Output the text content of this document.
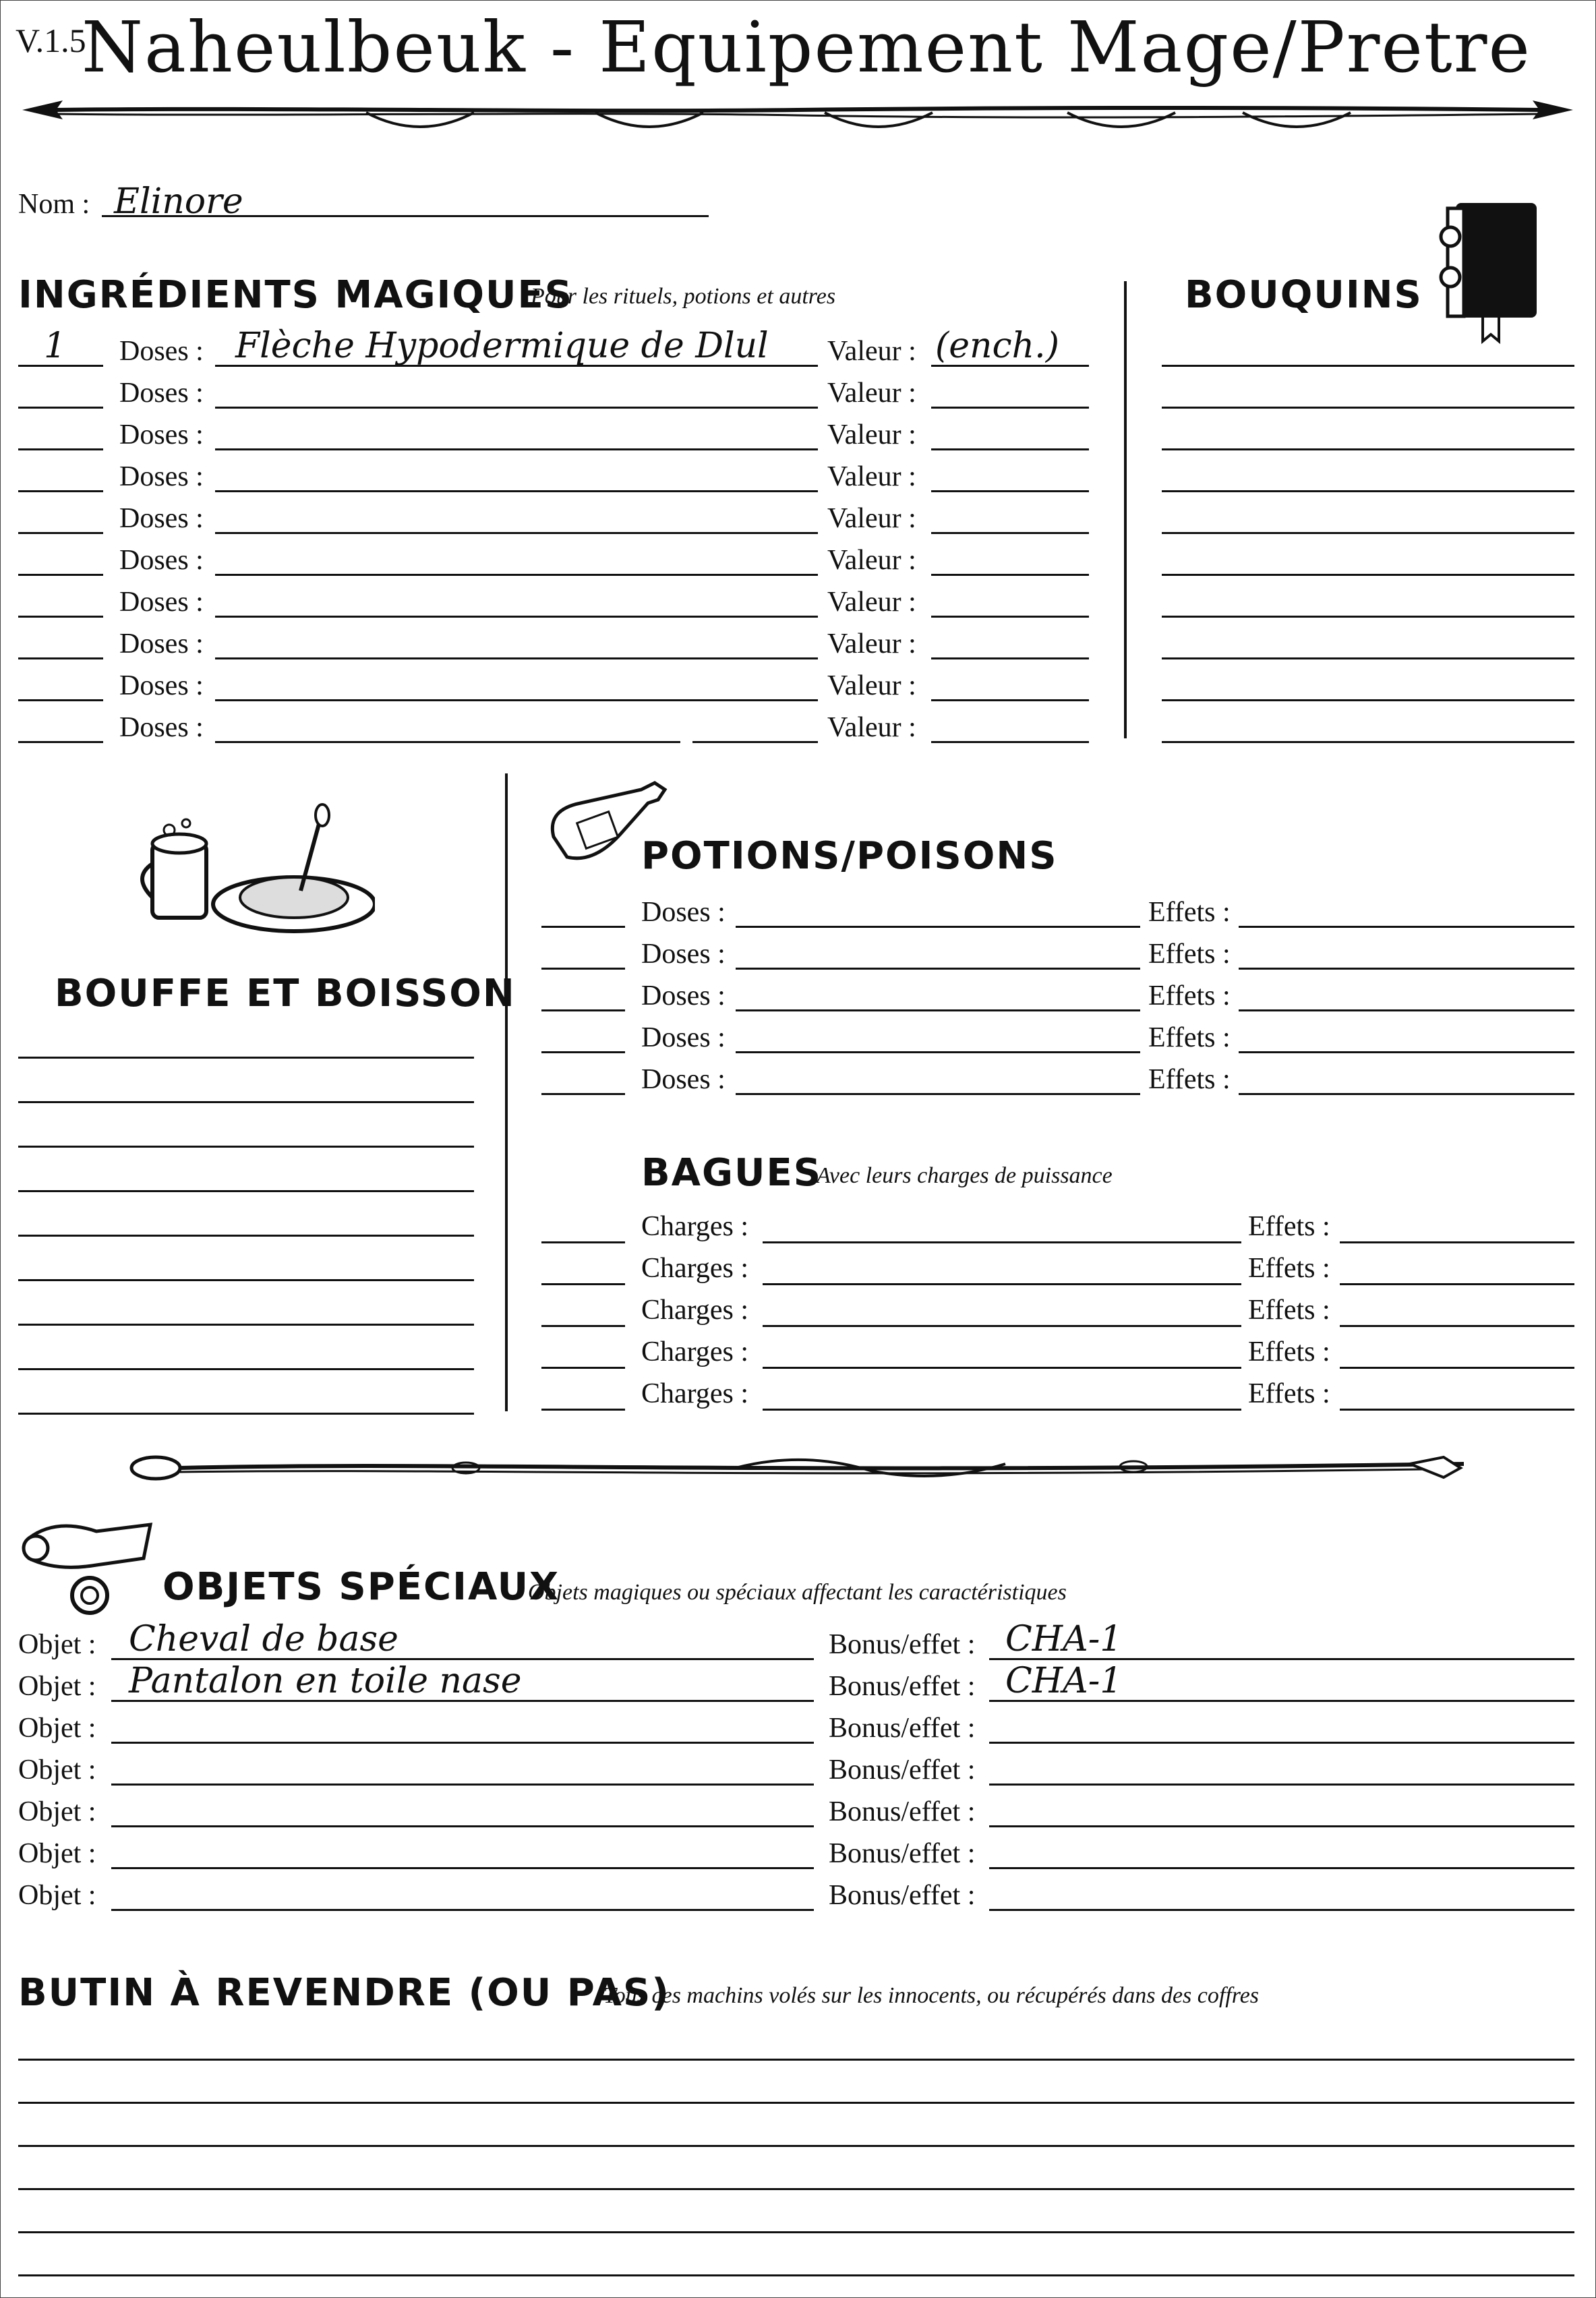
V.1.5
Naheulbeuk - Equipement Mage/Pretre
Nom : Elinore
INGRÉDIENTS MAGIQUES
Pour les rituels, potions et autres
1 Doses : Flèche Hypodermique de Dlul Valeur : (ench.)
Doses :	Valeur :
Doses :	Valeur :
Doses :	Valeur :
Doses :	Valeur :
Doses :	Valeur :
Doses :	Valeur :
Doses :	Valeur :
Doses :	Valeur :
Doses :	Valeur :
BOUQUINS
BOUFFE ET BOISSON
POTIONS/POISONS
Doses :	Effets :
Doses :	Effets :
Doses :	Effets :
Doses :	Effets :
Doses :	Effets :
BAGUES
Avec leurs charges de puissance
Charges :	Effets :
Charges :	Effets :
Charges :	Effets :
Charges :	Effets :
Charges :	Effets :
OBJETS SPÉCIAUX
Objets magiques ou spéciaux affectant les caractéristiques
Objet : Cheval de base	Bonus/effet : CHA-1
Objet : Pantalon en toile nase	Bonus/effet : CHA-1
Objet :	Bonus/effet :
Objet :	Bonus/effet :
Objet :	Bonus/effet :
Objet :	Bonus/effet :
Objet :	Bonus/effet :
BUTIN À REVENDRE (OU PAS)
Tous ces machins volés sur les innocents, ou récupérés dans des coffres
